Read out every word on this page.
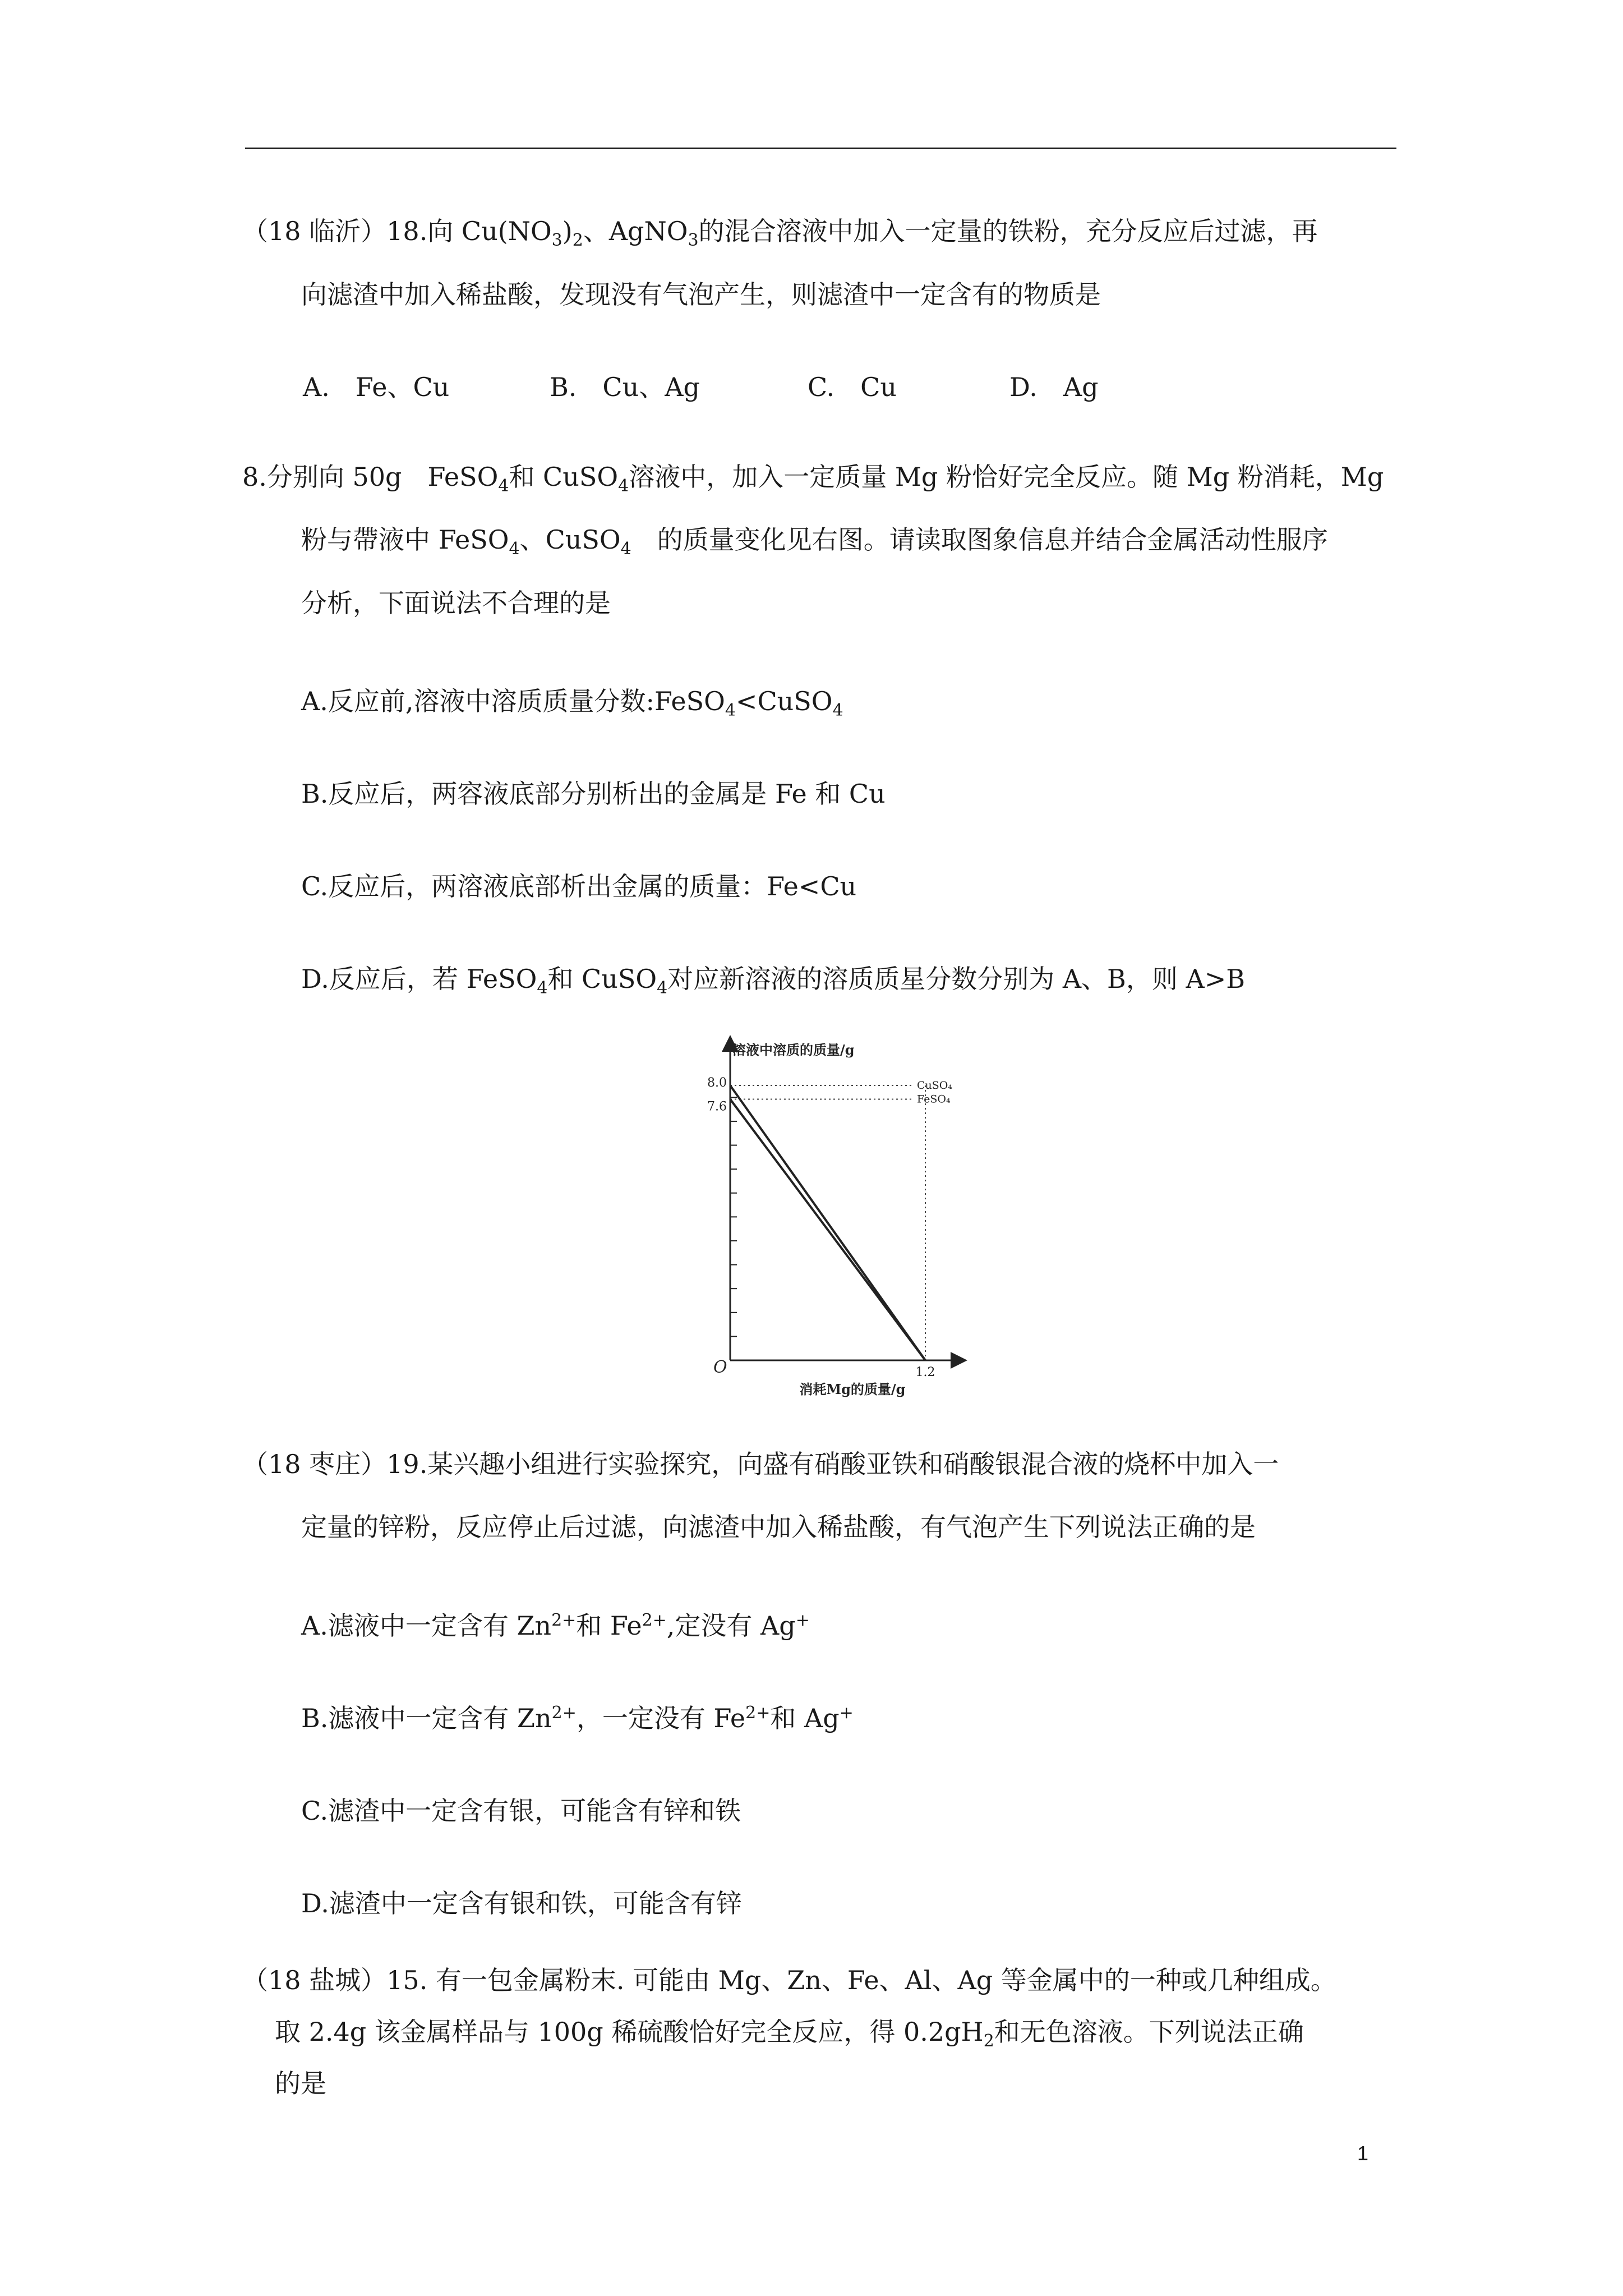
（18 临沂）18.向 $Cu(NO_3)_2$、AgNO$_3$的混合溶液中加入一定量的铁粉，充分反应后过滤，再
向滤渣中加入稀盐酸，发现没有气泡产生，则滤渣中一定含有的物质是
A.　Fe、Cu	B.　Cu、Ag	C.　Cu	D.　Ag
8.分别向 50g　FeSO$_4$和 CuSO$_4$溶液中，加入一定质量 Mg 粉恰好完全反应。随 Mg 粉消耗，Mg
粉与帶液中 FeSO$_4$、CuSO$_4$　的质量变化见右图。请读取图象信息并结合金属活动性服序
分析，下面说法不合理的是
A.反应前,溶液中溶质质量分数:FeSO$_4$<CuSO$_4$
B.反应后，两容液底部分别析出的金属是 Fe 和 Cu
C.反应后，两溶液底部析出金属的质量：Fe<Cu
D.反应后，若 FeSO$_4$和 CuSO$_4$对应新溶液的溶质质星分数分别为 A、B，则 A>B
8.0
7.6
1.2
CuSO₄
FeSO₄
溶液中溶质的质量/g
消耗Mg的质量/g
O
（18 枣庄）19.某兴趣小组进行实验探究，向盛有硝酸亚铁和硝酸银混合液的烧杯中加入一
定量的锌粉，反应停止后过滤，向滤渣中加入稀盐酸，有气泡产生下列说法正确的是
A.滤液中一定含有 $Zn^{2+}$和 $Fe^{2+}$,定没有 Ag+
B.滤液中一定含有 $Zn^{2+}$，一定没有 $Fe^{2+}$和 Ag+
C.滤渣中一定含有银，可能含有锌和铁
D.滤渣中一定含有银和铁，可能含有锌
（18 盐城）15. 有一包金属粉末. 可能由 Mg、Zn、Fe、Al、Ag 等金属中的一种或几种组成。
取 2.4g 该金属样品与 100g 稀硫酸恰好完全反应，得 $0.2gH_2$和无色溶液。下列说法正确
的是
1
